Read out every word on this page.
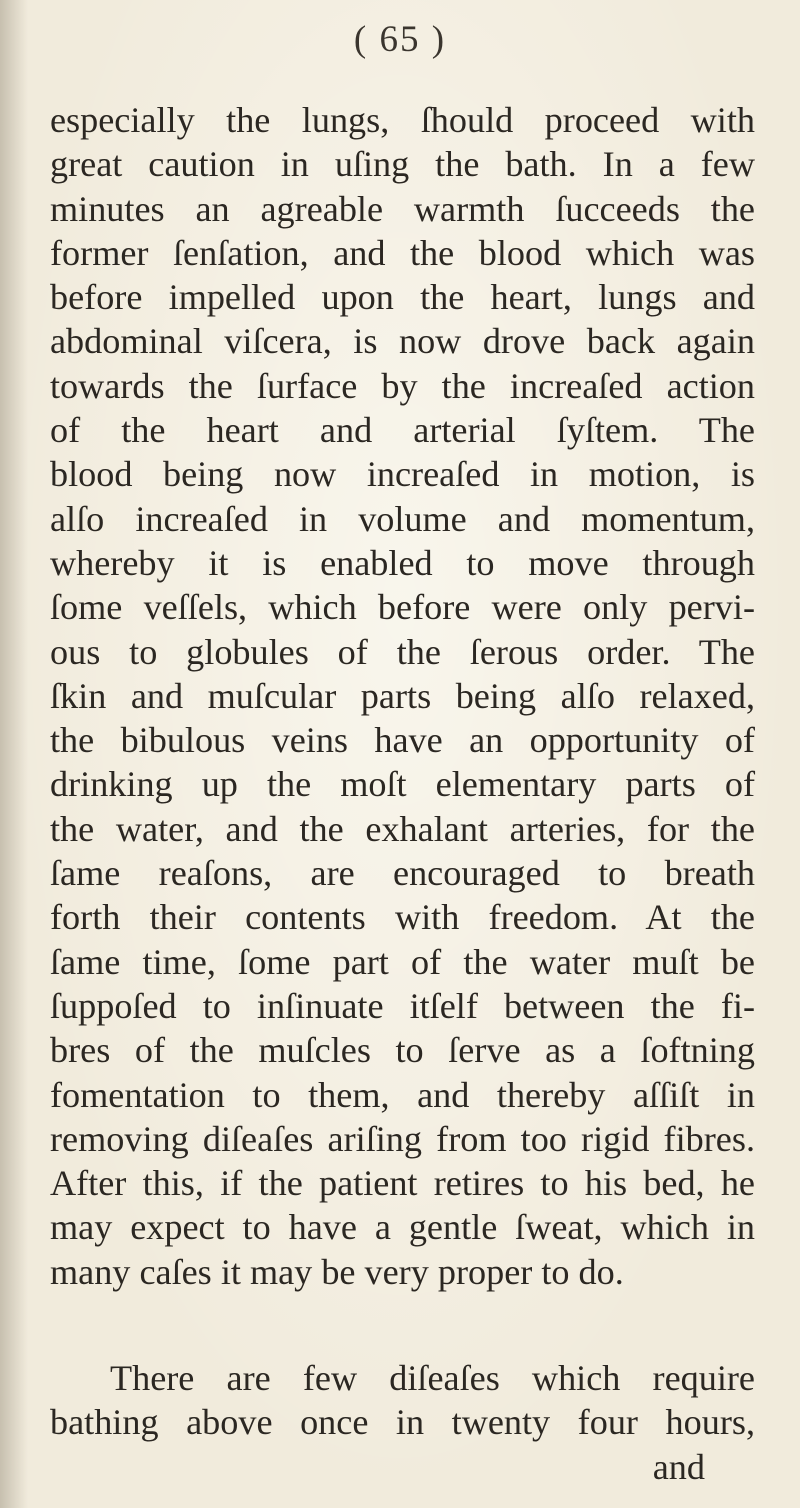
( 65 )
especially the lungs, ſhould proceed with
great caution in uſing the bath. In a few
minutes an agreable warmth ſucceeds the
former ſenſation, and the blood which was
before impelled upon the heart, lungs and
abdominal viſcera, is now drove back again
towards the ſurface by the increaſed action
of the heart and arterial ſyſtem. The
blood being now increaſed in motion, is
alſo increaſed in volume and momentum,
whereby it is enabled to move through
ſome veſſels, which before were only pervi-
ous to globules of the ſerous order. The
ſkin and muſcular parts being alſo relaxed,
the bibulous veins have an opportunity of
drinking up the moſt elementary parts of
the water, and the exhalant arteries, for the
ſame reaſons, are encouraged to breath
forth their contents with freedom. At the
ſame time, ſome part of the water muſt be
ſuppoſed to inſinuate itſelf between the fi-
bres of the muſcles to ſerve as a ſoftning
fomentation to them, and thereby aſſiſt in
removing diſeaſes ariſing from too rigid fibres.
After this, if the patient retires to his bed, he
may expect to have a gentle ſweat, which in
many caſes it may be very proper to do.
There are few diſeaſes which require
bathing above once in twenty four hours,
and
